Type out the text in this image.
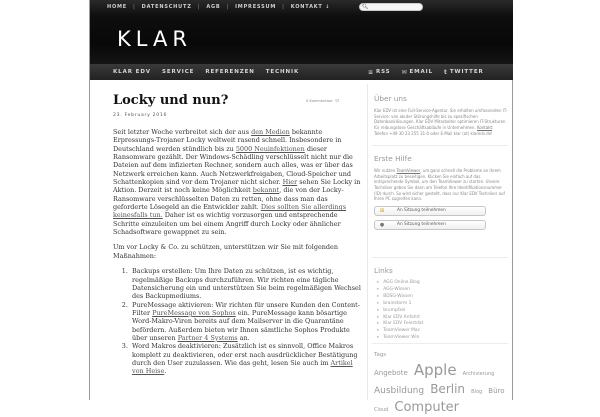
HOME	|	DATENSCHUTZ	|	AGB	|	IMPRESSUM	|	KONTAKT ↓	🔍︎
KLAR
KLAR EDV SERVICE REFERENZEN TECHNIK	≡ RSS ✉ EMAIL t TWITTER
Locky und nun?	0 Kommentare 💬︎
23. February 2016

Seit letzter Woche verbreitet sich der aus den Medien bekannte Erpressungs-Trojaner Locky weltweit rasend schnell. Insbesondere in Deutschland werden stündlich bis zu 5000 Neuinfektionen dieser Ransomware gezählt. Der Windows-Schädling verschlüsselt nicht nur die Dateien auf dem infizierten Rechner, sondern auch alles, was er über das Netzwerk erreichen kann. Auch Netzwerkfreigaben, Cloud-Speicher und Schattenkopien sind vor dem Trojaner nicht sicher. Hier sehen Sie Locky in Aktion. Derzeit ist noch keine Möglichkeit bekannt, die von der Locky-Ransomware verschlüsselten Daten zu retten, ohne dass man das geforderte Lösegeld an die Entwickler zahlt. Dies sollten Sie allerdings keinesfalls tun. Daher ist es wichtig vorzusorgen und entsprechende Schritte einzuleiten um bei einem Angriff durch Locky oder ähnlicher Schadsoftware gewappnet zu sein.

Um vor Locky & Co. zu schützen, unterstützen wir Sie mit folgenden Maßnahmen:

1. Backups erstellen: Um Ihre Daten zu schützen, ist es wichtig, regelmäßige Backups durchzuführen. Wir richten eine tägliche Datensicherung ein und unterstützen Sie beim regelmäßigen Wechsel des Backupmediums.
2. PureMessage aktivieren: Wir richten für unsere Kunden den Content-Filter PureMessage von Sophos ein. PureMessage kann bösartige Word-Makro-Viren bereits auf dem Mailserver in die Quarantäne befördern. Außerdem bieten wir Ihnen sämtliche Sophos Produkte über unseren Partner 4 Systems an.
3. Word Makros deaktivieren: Zusätzlich ist es sinnvoll, Office Makros komplett zu deaktivieren, oder erst nach ausdrücklicher Bestätigung durch den User zuzulassen. Wie das geht, lesen Sie auch im Artikel von Heise.
Über uns
Klar EDV ist eine Full-Service-Agentur. Sie erhalten umfassenden IT-Service: von akuter Störungshilfe bis zu spezifischen Datenbanklösungen. Klar EDV Mitarbeiter optimieren IT-Strukturen für reibungslose Geschäftsabläufe in Unternehmen. Kontakt: Telefon +49 30 23 255 31-0 oder E-Mail klar (at) klaredv.de!
Erste Hilfe
Wir nutzen TeamViewer, um ganz schnell die Probleme an Ihrem Arbeitsplatz zu beseitigen. Klicken Sie einfach auf das entsprechende Symbol, um den TeamViewer zu starten. Unsere Techniker geben Sie dann am Telefon Ihre Identifikationsnummer (ID) durch. So wird sicher gestellt, dass nur Klar EDV Techniker auf Ihren PC zugreifen kann.
⊞	An Sitzung teilnehmen
●	An Sitzung teilnehmen
Links
▸ AGG Online Blog
▸ AGG-Wissen
▸ BDSG-Wissen
▸ brainstorm 1
▸ brumpfzel
▸ Klar EDV Anfahrt
▸ Klar EDV Feiertdat
▸ TeamViewer Mac
▸ TeamViewer Win
Tags
Angebote Apple Archivierung Ausbildung Berlin Blog Büro Cloud Computer
